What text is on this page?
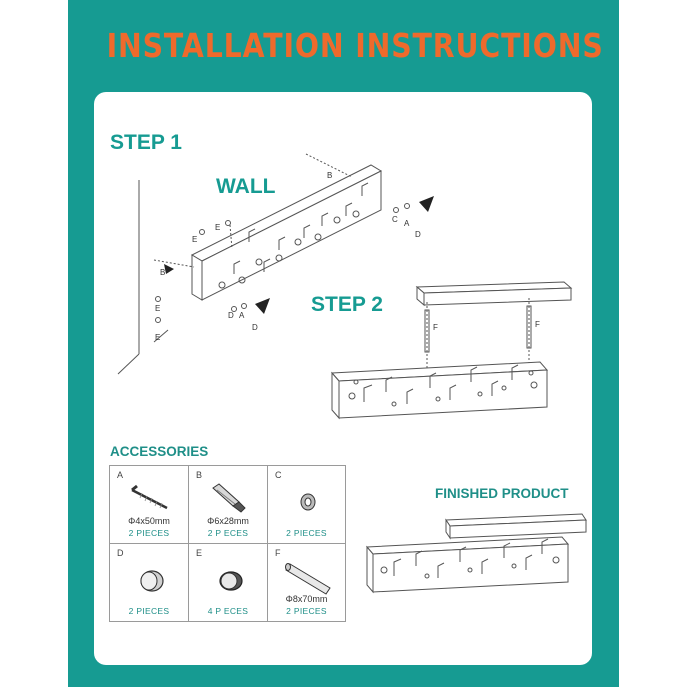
INSTALLATION INSTRUCTIONS
STEP 1
WALL
STEP 2
ACCESSORIES
FINISHED PRODUCT
B
B
E
E
E
E
C A
D
D A
D	F	F
A
Φ4x50mm
2 PIECES
B
Φ6x28mm
2 P ECES
C
2 PIECES
D
2 PIECES
E
4 P ECES
F
Φ8x70mm
2 PIECES
